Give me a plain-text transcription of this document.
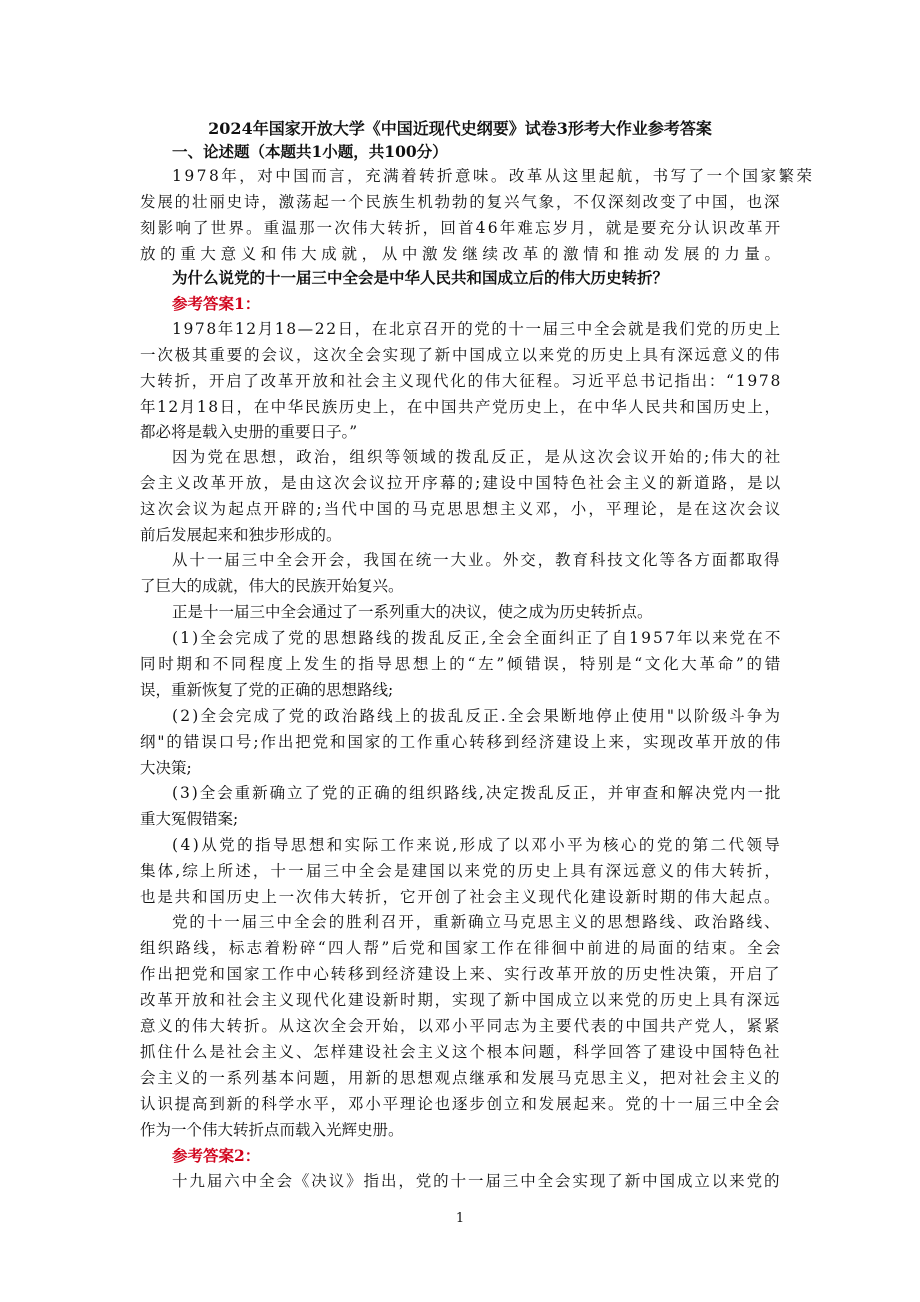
2024年国家开放大学《中国近现代史纲要》试卷3形考大作业参考答案
一、论述题（本题共1小题，共100分）
1978年，对中国而言，充满着转折意味。改革从这里起航，书写了一个国家繁荣
发展的壮丽史诗，激荡起一个民族生机勃勃的复兴气象，不仅深刻改变了中国，也深
刻影响了世界。重温那一次伟大转折，回首46年难忘岁月，就是要充分认识改革开
放的重大意义和伟大成就，从中激发继续改革的激情和推动发展的力量。
为什么说党的十一届三中全会是中华人民共和国成立后的伟大历史转折？
参考答案1：
1978年12月18—22日，在北京召开的党的十一届三中全会就是我们党的历史上
一次极其重要的会议，这次全会实现了新中国成立以来党的历史上具有深远意义的伟
大转折，开启了改革开放和社会主义现代化的伟大征程。习近平总书记指出：“1978
年12月18日，在中华民族历史上，在中国共产党历史上，在中华人民共和国历史上，
都必将是载入史册的重要日子。”
因为党在思想，政治，组织等领域的拨乱反正，是从这次会议开始的;伟大的社
会主义改革开放，是由这次会议拉开序幕的;建设中国特色社会主义的新道路，是以
这次会议为起点开辟的;当代中国的马克思思想主义邓，小，平理论，是在这次会议
前后发展起来和独步形成的。
从十一届三中全会开会，我国在统一大业。外交，教育科技文化等各方面都取得
了巨大的成就，伟大的民族开始复兴。
正是十一届三中全会通过了一系列重大的决议，使之成为历史转折点。
(1)全会完成了党的思想路线的拨乱反正,全会全面纠正了自1957年以来党在不
同时期和不同程度上发生的指导思想上的“左”倾错误，特别是“文化大革命”的错
误，重新恢复了党的正确的思想路线;
(2)全会完成了党的政治路线上的拔乱反正.全会果断地停止使用"以阶级斗争为
纲"的错误口号;作出把党和国家的工作重心转移到经济建设上来，实现改革开放的伟
大决策;
(3)全会重新确立了党的正确的组织路线,决定拨乱反正，并审查和解决党内一批
重大冤假错案;
(4)从党的指导思想和实际工作来说,形成了以邓小平为核心的党的第二代领导
集体,综上所述，十一届三中全会是建国以来党的历史上具有深远意义的伟大转折，
也是共和国历史上一次伟大转折，它开创了社会主义现代化建设新时期的伟大起点。
党的十一届三中全会的胜利召开，重新确立马克思主义的思想路线、政治路线、
组织路线，标志着粉碎“四人帮”后党和国家工作在徘徊中前进的局面的结束。全会
作出把党和国家工作中心转移到经济建设上来、实行改革开放的历史性决策，开启了
改革开放和社会主义现代化建设新时期，实现了新中国成立以来党的历史上具有深远
意义的伟大转折。从这次全会开始，以邓小平同志为主要代表的中国共产党人，紧紧
抓住什么是社会主义、怎样建设社会主义这个根本问题，科学回答了建设中国特色社
会主义的一系列基本问题，用新的思想观点继承和发展马克思主义，把对社会主义的
认识提高到新的科学水平，邓小平理论也逐步创立和发展起来。党的十一届三中全会
作为一个伟大转折点而载入光辉史册。
参考答案2：
十九届六中全会《决议》指出，党的十一届三中全会实现了新中国成立以来党的
1
